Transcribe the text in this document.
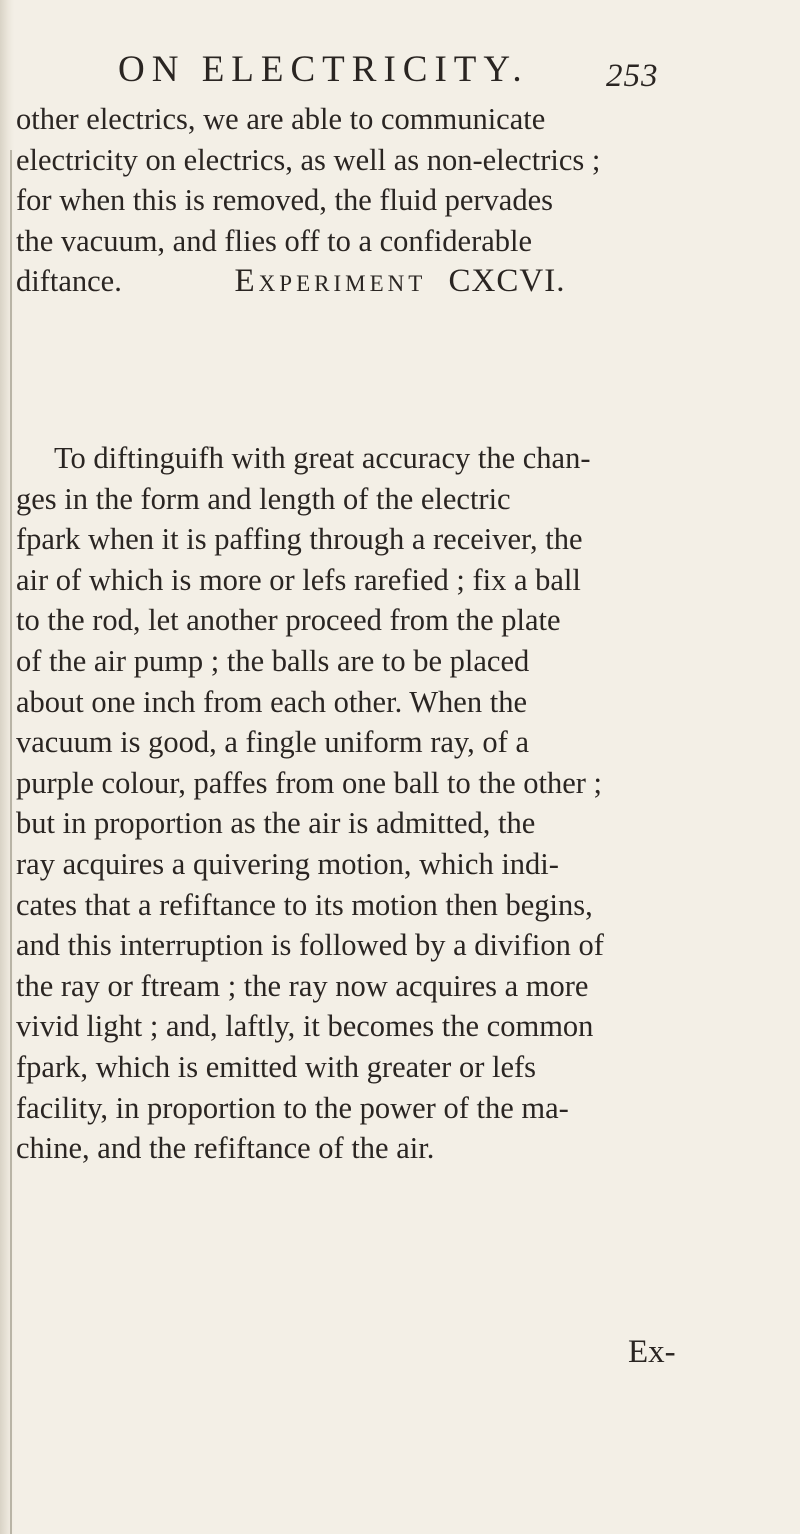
ON ELECTRICITY. 253
other electrics, we are able to communicate
electricity on electrics, as well as non-electrics ;
for when this is removed, the fluid pervades
the vacuum, and flies off to a confiderable
diftance.	Experiment CXCVI.
To diftinguifh with great accuracy the chan-
ges in the form and length of the electric
fpark when it is paffing through a receiver, the
air of which is more or lefs rarefied ; fix a ball
to the rod, let another proceed from the plate
of the air pump ; the balls are to be placed
about one inch from each other. When the
vacuum is good, a fingle uniform ray, of a
purple colour, paffes from one ball to the other ;
but in proportion as the air is admitted, the
ray acquires a quivering motion, which indi-
cates that a refiftance to its motion then begins,
and this interruption is followed by a divifion of
the ray or ftream ; the ray now acquires a more
vivid light ; and, laftly, it becomes the common
fpark, which is emitted with greater or lefs
facility, in proportion to the power of the ma-
chine, and the refiftance of the air.
Ex-
